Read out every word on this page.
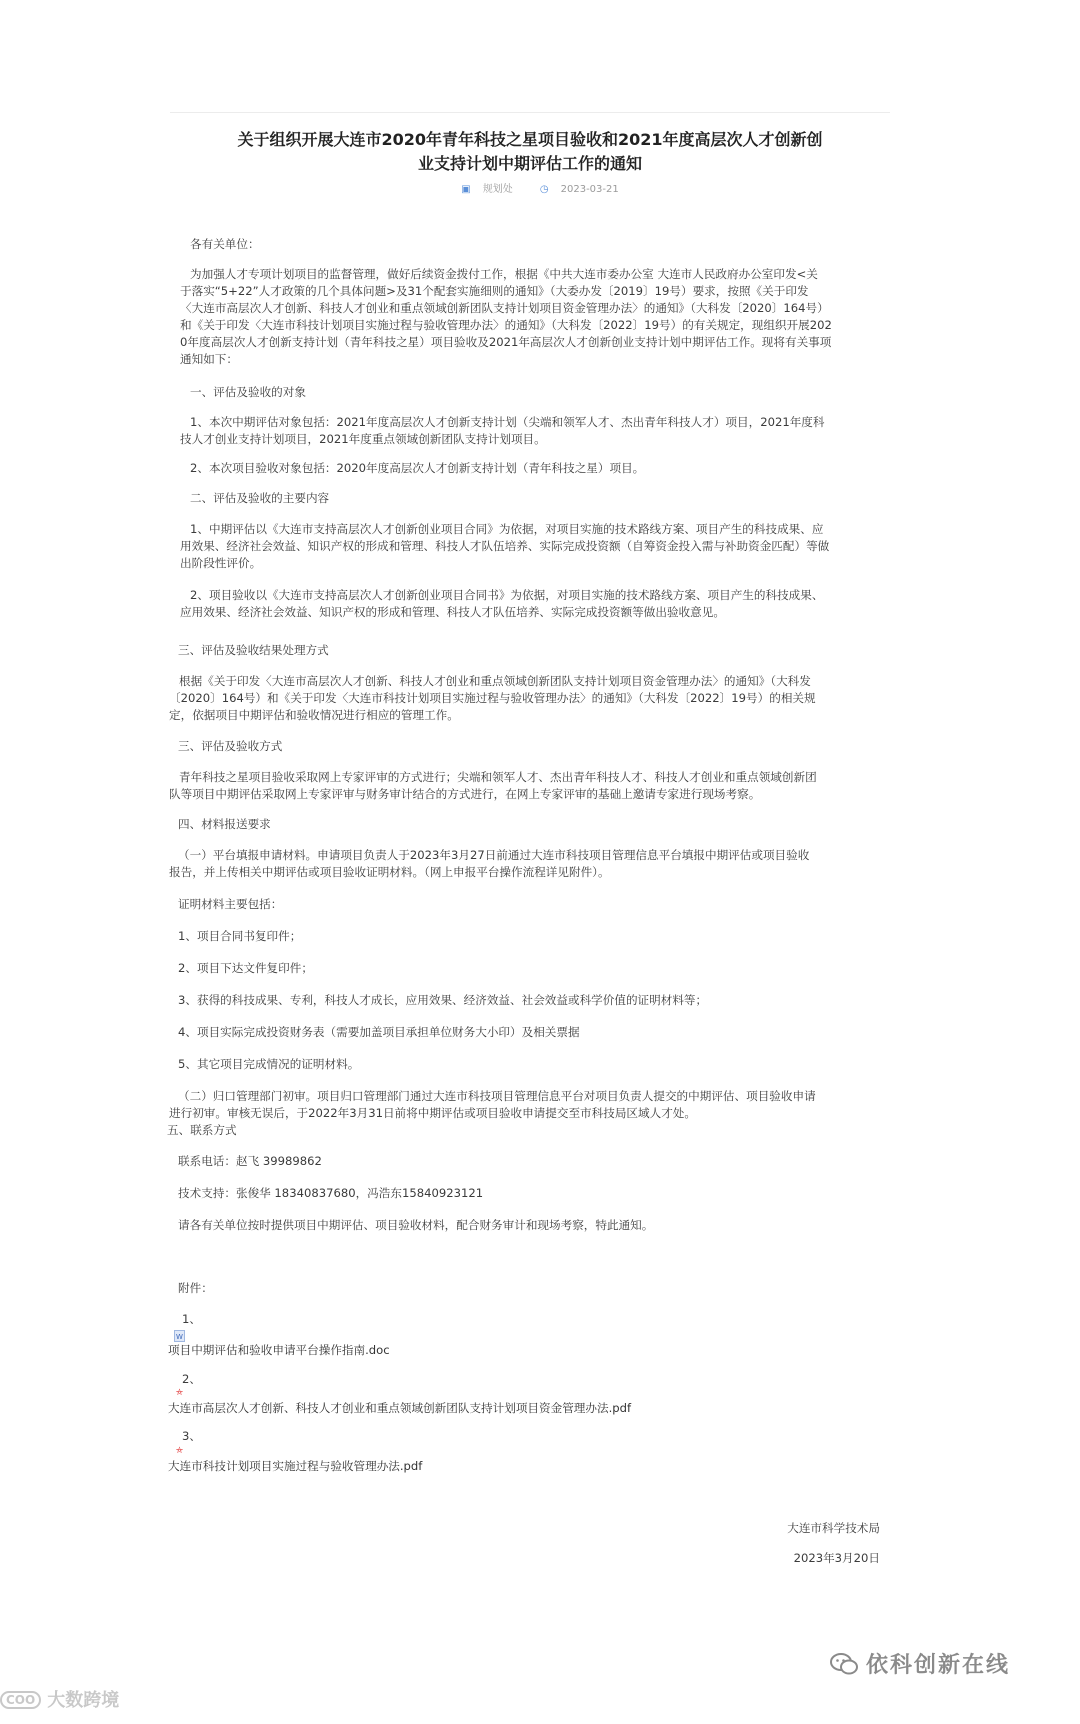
关于组织开展大连市2020年青年科技之星项目验收和2021年度高层次人才创新创
业支持计划中期评估工作的通知
▣ 规划处	◷ 2023-03-21

各有关单位：

为加强人才专项计划项目的监督管理，做好后续资金拨付工作，根据《中共大连市委办公室 大连市人民政府办公室印发<关

于落实“5+22”人才政策的几个具体问题>及31个配套实施细则的通知》（大委办发〔2019〕19号）要求，按照《关于印发

〈大连市高层次人才创新、科技人才创业和重点领域创新团队支持计划项目资金管理办法〉的通知》（大科发〔2020〕164号）

和《关于印发〈大连市科技计划项目实施过程与验收管理办法〉的通知》（大科发〔2022〕19号）的有关规定，现组织开展202

0年度高层次人才创新支持计划（青年科技之星）项目验收及2021年高层次人才创新创业支持计划中期评估工作。现将有关事项

通知如下：

一、评估及验收的对象

1、本次中期评估对象包括：2021年度高层次人才创新支持计划（尖端和领军人才、杰出青年科技人才）项目，2021年度科

技人才创业支持计划项目，2021年度重点领域创新团队支持计划项目。

2、本次项目验收对象包括：2020年度高层次人才创新支持计划（青年科技之星）项目。

二、评估及验收的主要内容

1、中期评估以《大连市支持高层次人才创新创业项目合同》为依据，对项目实施的技术路线方案、项目产生的科技成果、应

用效果、经济社会效益、知识产权的形成和管理、科技人才队伍培养、实际完成投资额（自筹资金投入需与补助资金匹配）等做

出阶段性评价。

2、项目验收以《大连市支持高层次人才创新创业项目合同书》为依据，对项目实施的技术路线方案、项目产生的科技成果、

应用效果、经济社会效益、知识产权的形成和管理、科技人才队伍培养、实际完成投资额等做出验收意见。

三、评估及验收结果处理方式

根据《关于印发〈大连市高层次人才创新、科技人才创业和重点领域创新团队支持计划项目资金管理办法〉的通知》（大科发

〔2020〕164号）和《关于印发〈大连市科技计划项目实施过程与验收管理办法〉的通知》（大科发〔2022〕19号）的相关规

定，依据项目中期评估和验收情况进行相应的管理工作。

三、评估及验收方式

青年科技之星项目验收采取网上专家评审的方式进行；尖端和领军人才、杰出青年科技人才、科技人才创业和重点领域创新团

队等项目中期评估采取网上专家评审与财务审计结合的方式进行，在网上专家评审的基础上邀请专家进行现场考察。

四、材料报送要求

（一）平台填报申请材料。申请项目负责人于2023年3月27日前通过大连市科技项目管理信息平台填报中期评估或项目验收

报告，并上传相关中期评估或项目验收证明材料。（网上申报平台操作流程详见附件）。

证明材料主要包括：

1、项目合同书复印件；

2、项目下达文件复印件；

3、获得的科技成果、专利，科技人才成长，应用效果、经济效益、社会效益或科学价值的证明材料等；

4、项目实际完成投资财务表（需要加盖项目承担单位财务大小印）及相关票据

5、其它项目完成情况的证明材料。

（二）归口管理部门初审。项目归口管理部门通过大连市科技项目管理信息平台对项目负责人提交的中期评估、项目验收申请

进行初审。审核无误后，于2022年3月31日前将中期评估或项目验收申请提交至市科技局区域人才处。

五、联系方式

联系电话：赵飞 39989862

技术支持：张俊华 18340837680，冯浩东15840923121

请各有关单位按时提供项目中期评估、项目验收材料，配合财务审计和现场考察，特此通知。

附件：

1、

W

项目中期评估和验收申请平台操作指南.doc

2、

⛤

大连市高层次人才创新、科技人才创业和重点领域创新团队支持计划项目资金管理办法.pdf

3、

⛤

大连市科技计划项目实施过程与验收管理办法.pdf

大连市科学技术局

2023年3月20日

依科创新在线
COO 大数跨境
